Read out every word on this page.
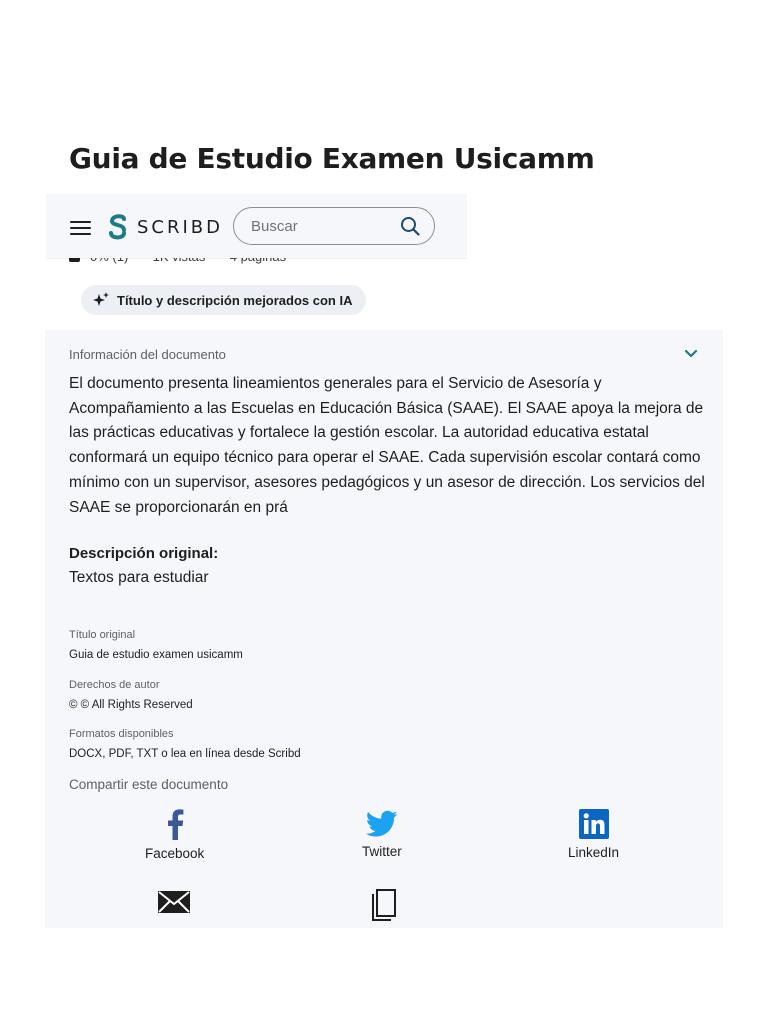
Guia de Estudio Examen Usicamm
SCRIBD
Buscar
Título y descripción mejorados con IA
Información del documento

El documento presenta lineamientos generales para el Servicio de Asesoría y Acompañamiento a las Escuelas en Educación Básica (SAAE). El SAAE apoya la mejora de las prácticas educativas y fortalece la gestión escolar. La autoridad educativa estatal conformará un equipo técnico para operar el SAAE. Cada supervisión escolar contará como mínimo con un supervisor, asesores pedagógicos y un asesor de dirección. Los servicios del SAAE se proporcionarán en prá

Descripción original:
Textos para estudiar
Título original
Guia de estudio examen usicamm
Derechos de autor
© © All Rights Reserved
Formatos disponibles
DOCX, PDF, TXT o lea en línea desde Scribd
Compartir este documento
Facebook	Twitter	LinkedIn
